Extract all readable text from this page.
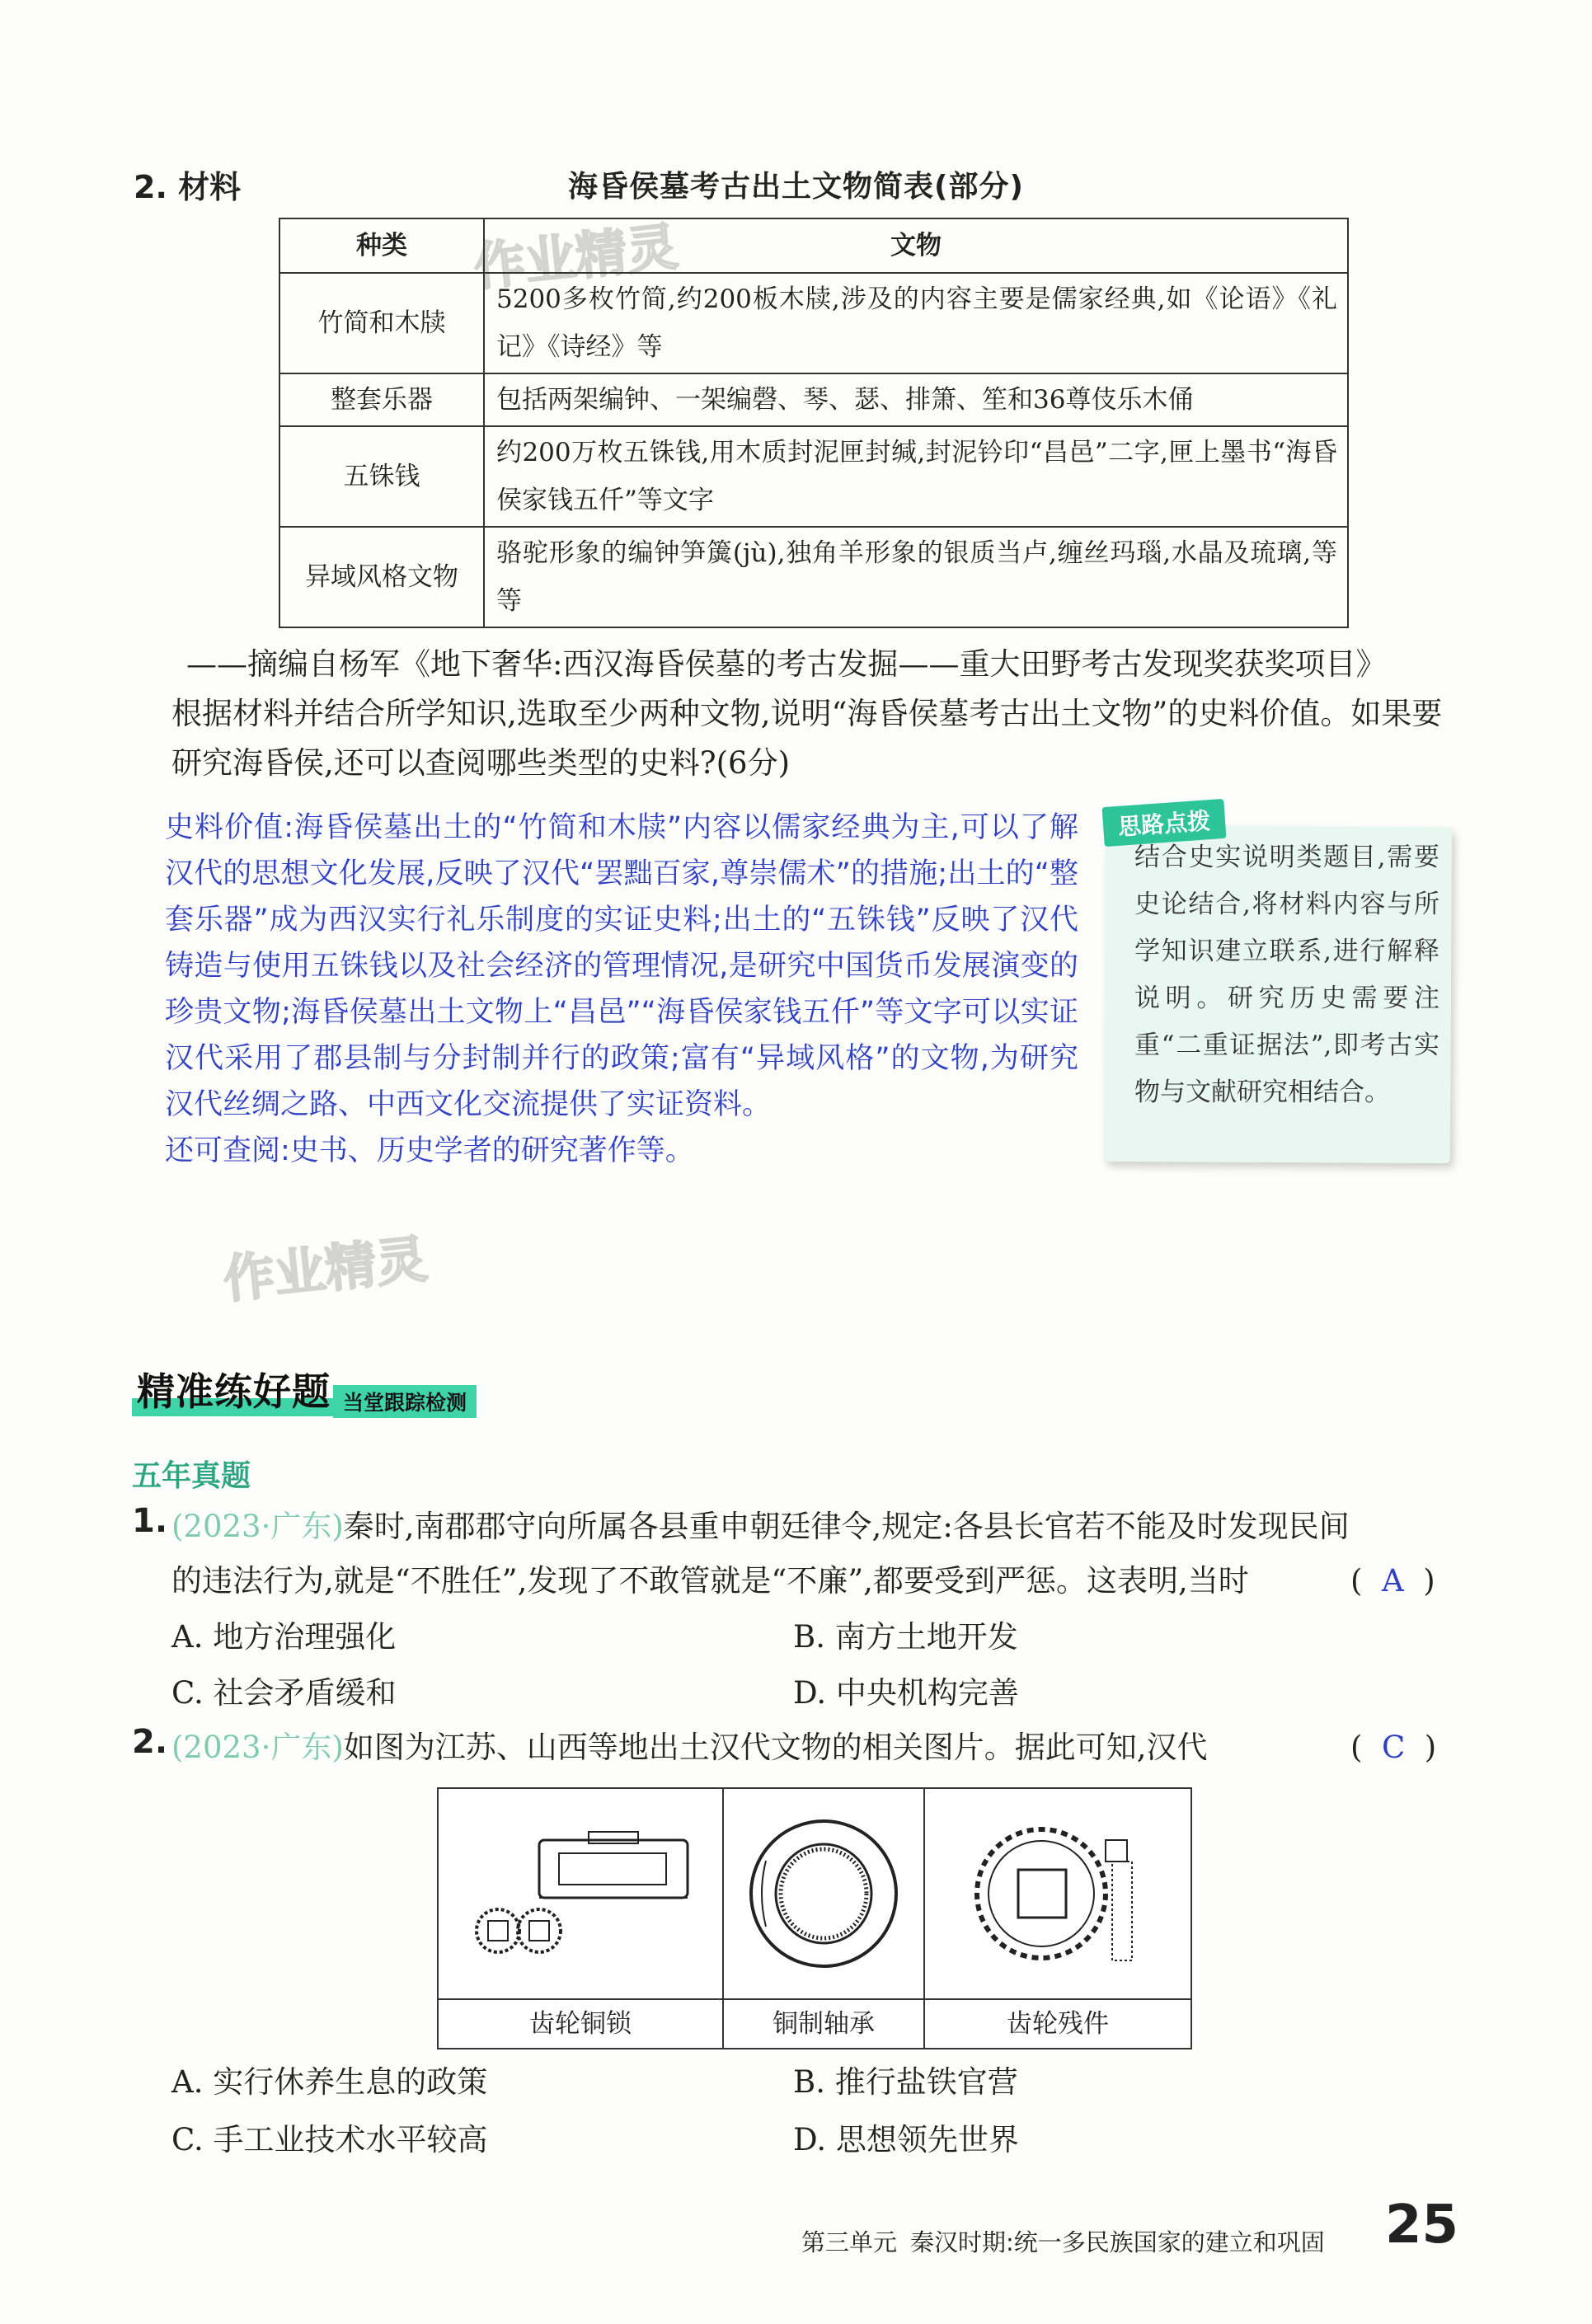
2. 材料	海昏侯墓考古出土文物简表(部分)
作业精灵
种类	文物
竹简和木牍	5200多枚竹简,约200板木牍,涉及的内容主要是儒家经典,如《论语》《礼记》《诗经》等
整套乐器	包括两架编钟、一架编磬、琴、瑟、排箫、笙和36尊伎乐木俑
五铢钱	约200万枚五铢钱,用木质封泥匣封缄,封泥钤印“昌邑”二字,匣上墨书“海昏侯家钱五仟”等文字
异域风格文物	骆驼形象的编钟笋簴(jù),独角羊形象的银质当卢,缠丝玛瑙,水晶及琉璃,等等
——摘编自杨军《地下奢华:西汉海昏侯墓的考古发掘——重大田野考古发现奖获奖项目》
根据材料并结合所学知识,选取至少两种文物,说明“海昏侯墓考古出土文物”的史料价值。如果要研究海昏侯,还可以查阅哪些类型的史料?(6分)
史料价值:海昏侯墓出土的“竹简和木牍”内容以儒家经典为主,可以了解汉代的思想文化发展,反映了汉代“罢黜百家,尊崇儒术”的措施;出土的“整套乐器”成为西汉实行礼乐制度的实证史料;出土的“五铢钱”反映了汉代铸造与使用五铢钱以及社会经济的管理情况,是研究中国货币发展演变的珍贵文物;海昏侯墓出土文物上“昌邑”“海昏侯家钱五仟”等文字可以实证汉代采用了郡县制与分封制并行的政策;富有“异域风格”的文物,为研究汉代丝绸之路、中西文化交流提供了实证资料。
还可查阅:史书、历史学者的研究著作等。
思路点拨
结合史实说明类题目,需要史论结合,将材料内容与所学知识建立联系,进行解释说明。研究历史需要注重“二重证据法”,即考古实物与文献研究相结合。
作业精灵
精准练好题 当堂跟踪检测
五年真题
1. (2023·广东)秦时,南郡郡守向所属各县重申朝廷律令,规定:各县长官若不能及时发现民间
的违法行为,就是“不胜任”,发现了不敢管就是“不廉”,都要受到严惩。这表明,当时	(  A  )
A. 地方治理强化	B. 南方土地开发
C. 社会矛盾缓和	D. 中央机构完善
2. (2023·广东)如图为江苏、山西等地出土汉代文物的相关图片。据此可知,汉代	(  C  )
齿轮铜锁	铜制轴承	齿轮残件
A. 实行休养生息的政策	B. 推行盐铁官营
C. 手工业技术水平较高	D. 思想领先世界
第三单元 秦汉时期:统一多民族国家的建立和巩固 25
